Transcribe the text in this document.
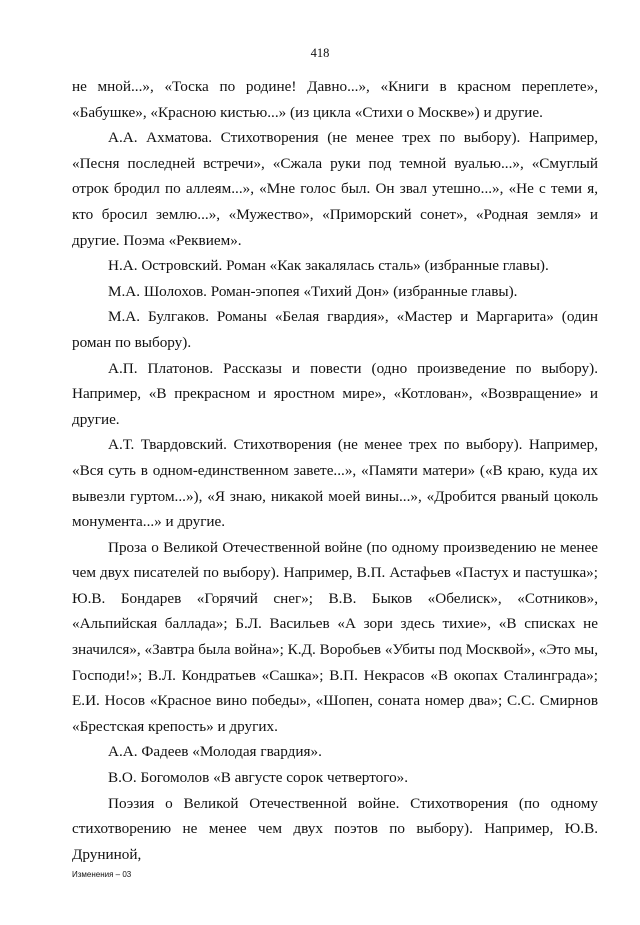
418

не мной...», «Тоска по родине! Давно...», «Книги в красном переплете», «Бабушке», «Красною кистью...» (из цикла «Стихи о Москве») и другие.

А.А. Ахматова. Стихотворения (не менее трех по выбору). Например, «Песня последней встречи», «Сжала руки под темной вуалью...», «Смуглый отрок бродил по аллеям...», «Мне голос был. Он звал утешно...», «Не с теми я, кто бросил землю...», «Мужество», «Приморский сонет», «Родная земля» и другие. Поэма «Реквием».

Н.А. Островский. Роман «Как закалялась сталь» (избранные главы).

М.А. Шолохов. Роман-эпопея «Тихий Дон» (избранные главы).

М.А. Булгаков. Романы «Белая гвардия», «Мастер и Маргарита» (один роман по выбору).

А.П. Платонов. Рассказы и повести (одно произведение по выбору). Например, «В прекрасном и яростном мире», «Котлован», «Возвращение» и другие.

А.Т. Твардовский. Стихотворения (не менее трех по выбору). Например, «Вся суть в одном-единственном завете...», «Памяти матери» («В краю, куда их вывезли гуртом...»), «Я знаю, никакой моей вины...», «Дробится рваный цоколь монумента...» и другие.

Проза о Великой Отечественной войне (по одному произведению не менее чем двух писателей по выбору). Например, В.П. Астафьев «Пастух и пастушка»; Ю.В. Бондарев «Горячий снег»; В.В. Быков «Обелиск», «Сотников», «Альпийская баллада»; Б.Л. Васильев «А зори здесь тихие», «В списках не значился», «Завтра была война»; К.Д. Воробьев «Убиты под Москвой», «Это мы, Господи!»; В.Л. Кондратьев «Сашка»; В.П. Некрасов «В окопах Сталинграда»; Е.И. Носов «Красное вино победы», «Шопен, соната номер два»; С.С. Смирнов «Брестская крепость» и других.

А.А. Фадеев «Молодая гвардия».

В.О. Богомолов «В августе сорок четвертого».

Поэзия о Великой Отечественной войне. Стихотворения (по одному стихотворению не менее чем двух поэтов по выбору). Например, Ю.В. Друниной,

Изменения – 03
